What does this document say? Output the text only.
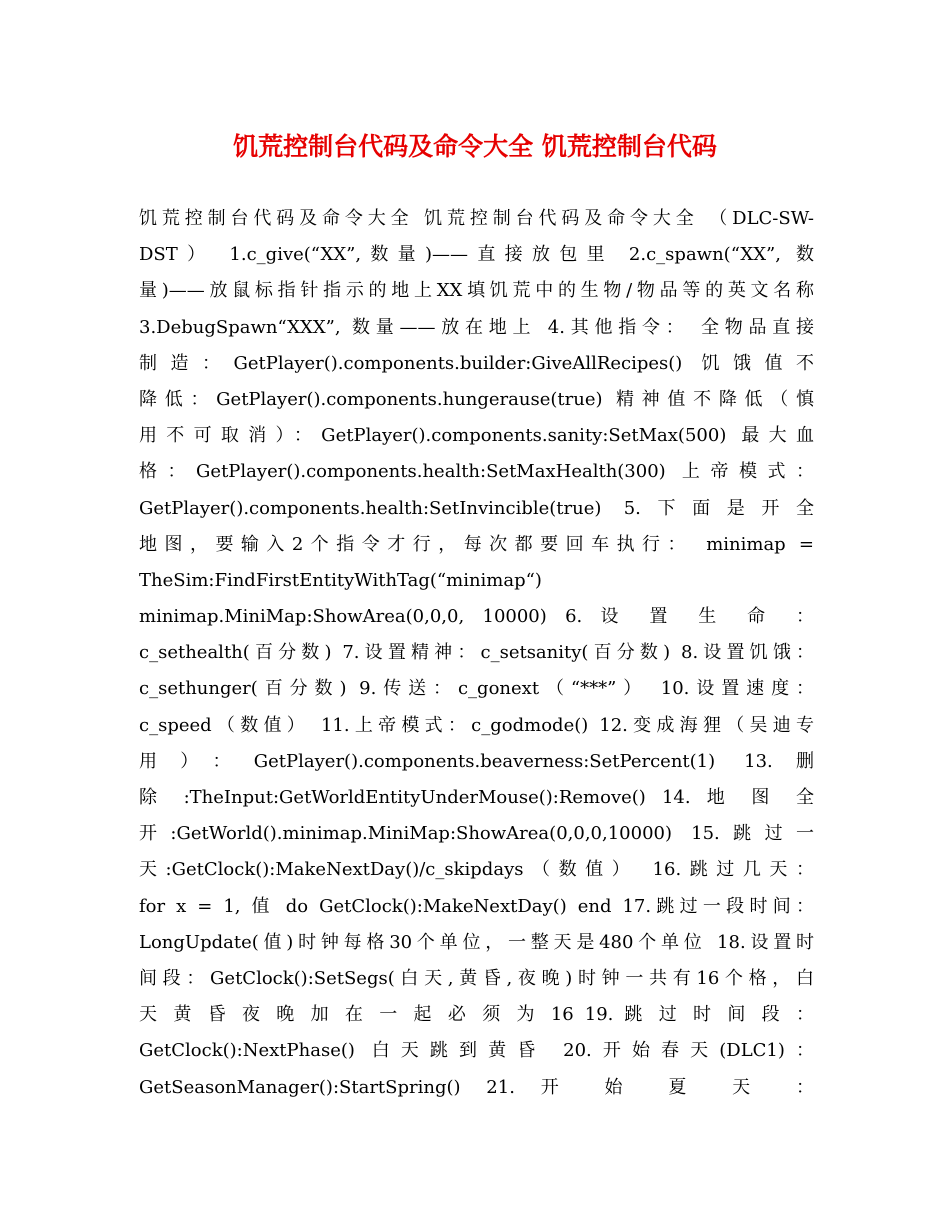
饥荒控制台代码及命令大全 饥荒控制台代码
饥荒控制台代码及命令大全 饥荒控制台代码及命令大全 （DLC-SW-
DST） 1.c_give(“XX”,数量)——直接放包里 2.c_spawn(“XX”, 数
量)——放鼠标指针指示的地上XX填饥荒中的生物/物品等的英文名称
3.DebugSpawn“XXX”, 数量——放在地上 4.其他指令： 全物品直接
制造：GetPlayer().components.builder:GiveAllRecipes() 饥饿值不
降低：GetPlayer().components.hungerause(true) 精神值不降低（慎
用不可取消）：GetPlayer().components.sanity:SetMax(500) 最大血
格：GetPlayer().components.health:SetMaxHealth(300) 上帝模式：
GetPlayer().components.health:SetInvincible(true) 5.下面是开全
地图，要输入2个指令才行，每次都要回车执行： minimap =
TheSim:FindFirstEntityWithTag(“minimap“)
minimap.MiniMap:ShowArea(0,0,0, 10000) 6. 设 置 生 命 ：
c_sethealth(百分数) 7.设置精神：c_setsanity(百分数) 8.设置饥饿：
c_sethunger(百分数) 9.传送：c_gonext（“***”） 10.设置速度：
c_speed（数值） 11.上帝模式：c_godmode() 12.变成海狸（吴迪专
用）：GetPlayer().components.beaverness:SetPercent(1) 13.删
除 :TheInput:GetWorldEntityUnderMouse():Remove() 14. 地 图 全
开:GetWorld().minimap.MiniMap:ShowArea(0,0,0,10000) 15.跳过一
天:GetClock():MakeNextDay()/c_skipdays（数值） 16.跳过几天：
for x = 1, 值 do GetClock():MakeNextDay() end 17.跳过一段时间：
LongUpdate(值)时钟每格30个单位，一整天是480个单位 18.设置时
间段：GetClock():SetSegs(白天,黄昏,夜晚)时钟一共有16个格，白
天 黄 昏 夜 晚 加 在 一 起 必 须 为 16 19. 跳 过 时 间 段 ：
GetClock():NextPhase() 白天跳到黄昏 20.开始春天(DLC1)：
GetSeasonManager():StartSpring() 21. 开 始 夏 天 ：
